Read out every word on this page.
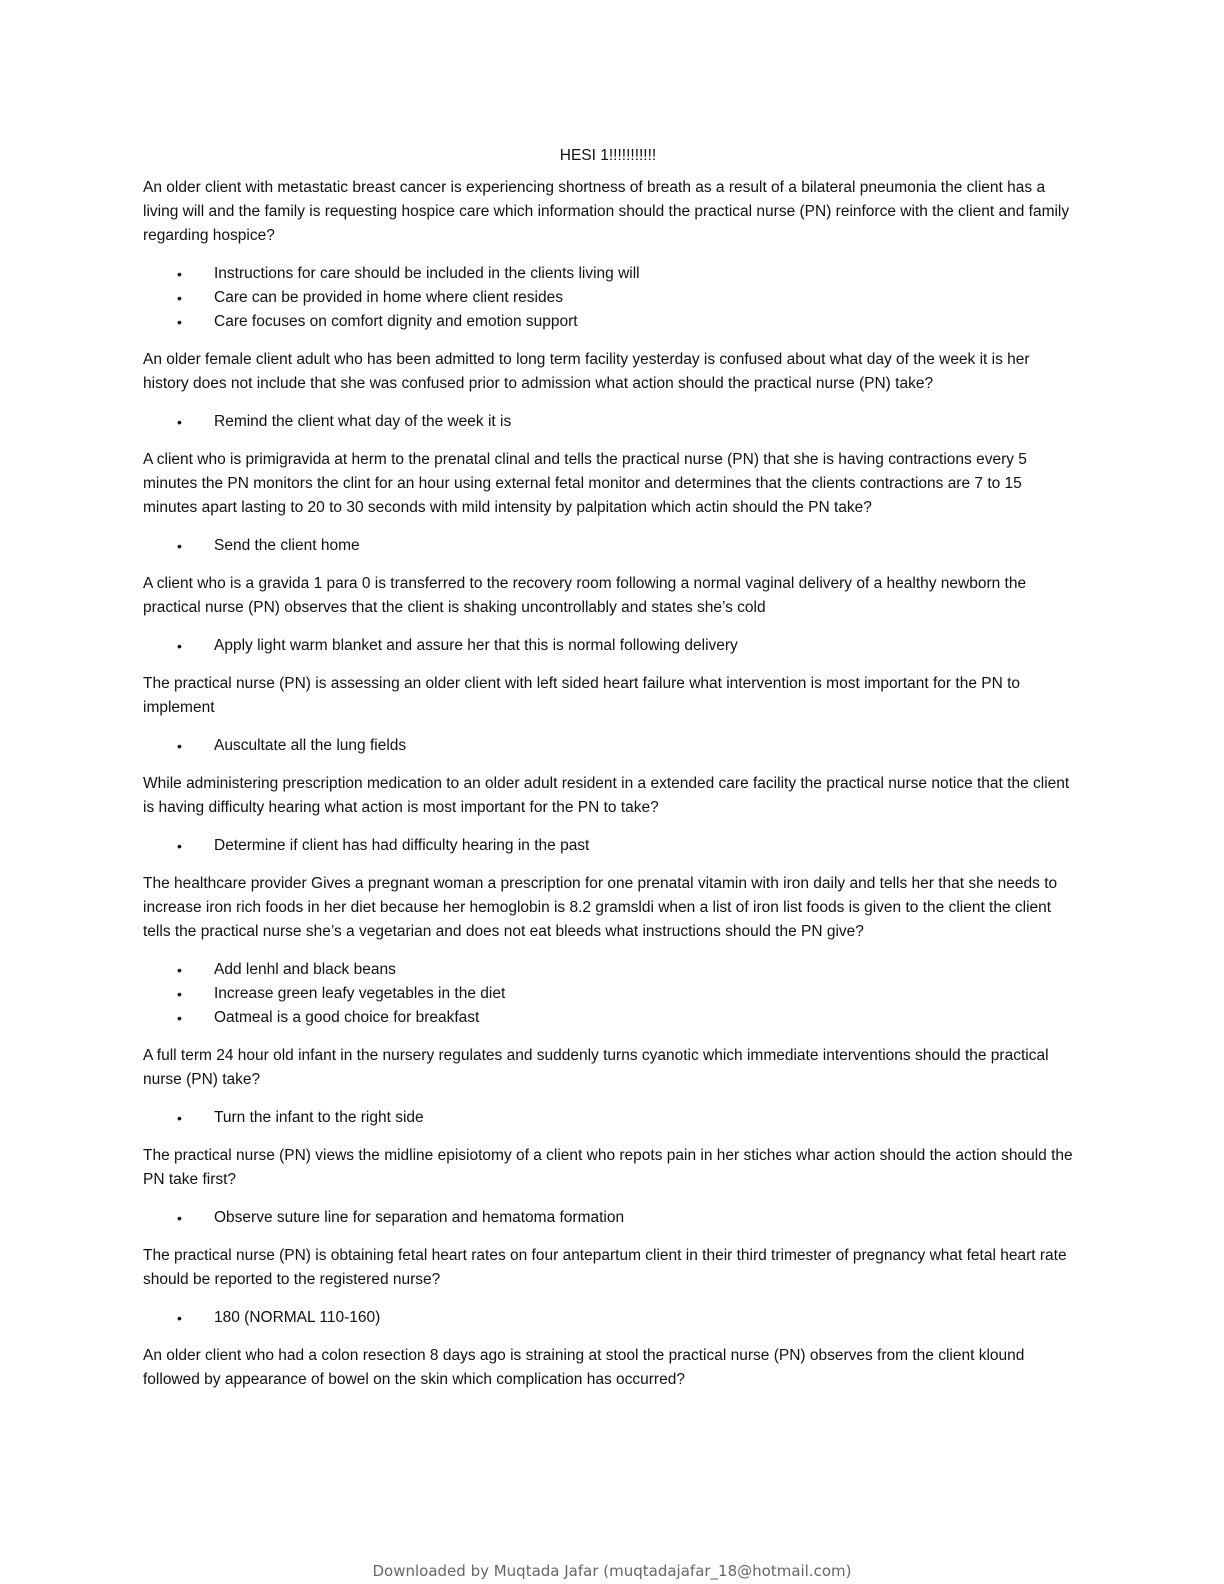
HESI 1!!!!!!!!!!!

An older client with metastatic breast cancer is experiencing shortness of breath as a result of a bilateral pneumonia the client has a living will and the family is requesting hospice care which information should the practical nurse (PN) reinforce with the client and family regarding hospice?

• Instructions for care should be included in the clients living will
• Care can be provided in home where client resides
• Care focuses on comfort dignity and emotion support

An older female client adult who has been admitted to long term facility yesterday is confused about what day of the week it is her history does not include that she was confused prior to admission what action should the practical nurse (PN) take?

• Remind the client what day of the week it is

A client who is primigravida at herm to the prenatal clinal and tells the practical nurse (PN) that she is having contractions every 5 minutes the PN monitors the clint for an hour using external fetal monitor and determines that the clients contractions are 7 to 15 minutes apart lasting to 20 to 30 seconds with mild intensity by palpitation which actin should the PN take?

• Send the client home

A client who is a gravida 1 para 0 is transferred to the recovery room following a normal vaginal delivery of a healthy newborn the practical nurse (PN) observes that the client is shaking uncontrollably and states she’s cold

• Apply light warm blanket and assure her that this is normal following delivery

The practical nurse (PN) is assessing an older client with left sided heart failure what intervention is most important for the PN to implement

• Auscultate all the lung fields

While administering prescription medication to an older adult resident in a extended care facility the practical nurse notice that the client is having difficulty hearing what action is most important for the PN to take?

• Determine if client has had difficulty hearing in the past

The healthcare provider Gives a pregnant woman a prescription for one prenatal vitamin with iron daily and tells her that she needs to increase iron rich foods in her diet because her hemoglobin is 8.2 gramsldi when a list of iron list foods is given to the client the client tells the practical nurse she’s a vegetarian and does not eat bleeds what instructions should the PN give?

• Add lenhl and black beans
• Increase green leafy vegetables in the diet
• Oatmeal is a good choice for breakfast

A full term 24 hour old infant in the nursery regulates and suddenly turns cyanotic which immediate interventions should the practical nurse (PN) take?

• Turn the infant to the right side

The practical nurse (PN) views the midline episiotomy of a client who repots pain in her stiches whar action should the action should the PN take first?

• Observe suture line for separation and hematoma formation

The practical nurse (PN) is obtaining fetal heart rates on four antepartum client in their third trimester of pregnancy what fetal heart rate should be reported to the registered nurse?

• 180 (NORMAL 110-160)

An older client who had a colon resection 8 days ago is straining at stool the practical nurse (PN) observes from the client klound followed by appearance of bowel on the skin which complication has occurred?

Downloaded by Muqtada Jafar (muqtadajafar_18@hotmail.com)
